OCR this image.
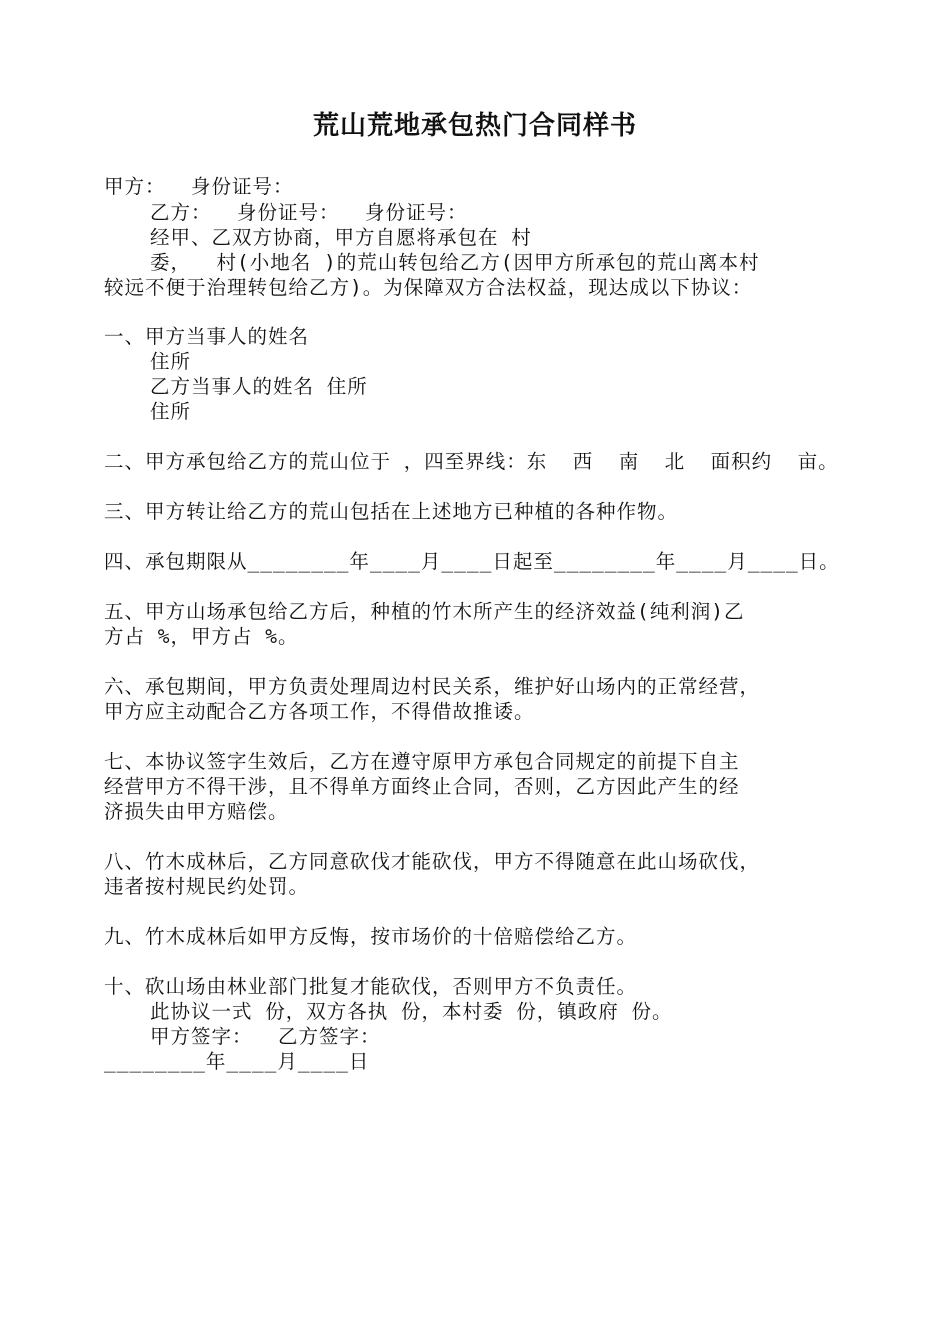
荒山荒地承包热门合同样书
甲方：  身份证号：
乙方：  身份证号：  身份证号：
经甲、乙双方协商，甲方自愿将承包在 村
委，  村(小地名 )的荒山转包给乙方(因甲方所承包的荒山离本村
较远不便于治理转包给乙方)。为保障双方合法权益，现达成以下协议：
一、甲方当事人的姓名
住所
乙方当事人的姓名 住所
住所
二、甲方承包给乙方的荒山位于 ，四至界线：东  西  南  北  面积约  亩。
三、甲方转让给乙方的荒山包括在上述地方已种植的各种作物。
四、承包期限从________年____月____日起至________年____月____日。
五、甲方山场承包给乙方后，种植的竹木所产生的经济效益(纯利润)乙
方占 %，甲方占 %。
六、承包期间，甲方负责处理周边村民关系，维护好山场内的正常经营，
甲方应主动配合乙方各项工作，不得借故推诿。
七、本协议签字生效后，乙方在遵守原甲方承包合同规定的前提下自主
经营甲方不得干涉，且不得单方面终止合同，否则，乙方因此产生的经
济损失由甲方赔偿。
八、竹木成林后，乙方同意砍伐才能砍伐，甲方不得随意在此山场砍伐，
违者按村规民约处罚。
九、竹木成林后如甲方反悔，按市场价的十倍赔偿给乙方。
十、砍山场由林业部门批复才能砍伐，否则甲方不负责任。
此协议一式 份，双方各执 份，本村委 份，镇政府 份。
甲方签字：  乙方签字：
________年____月____日
